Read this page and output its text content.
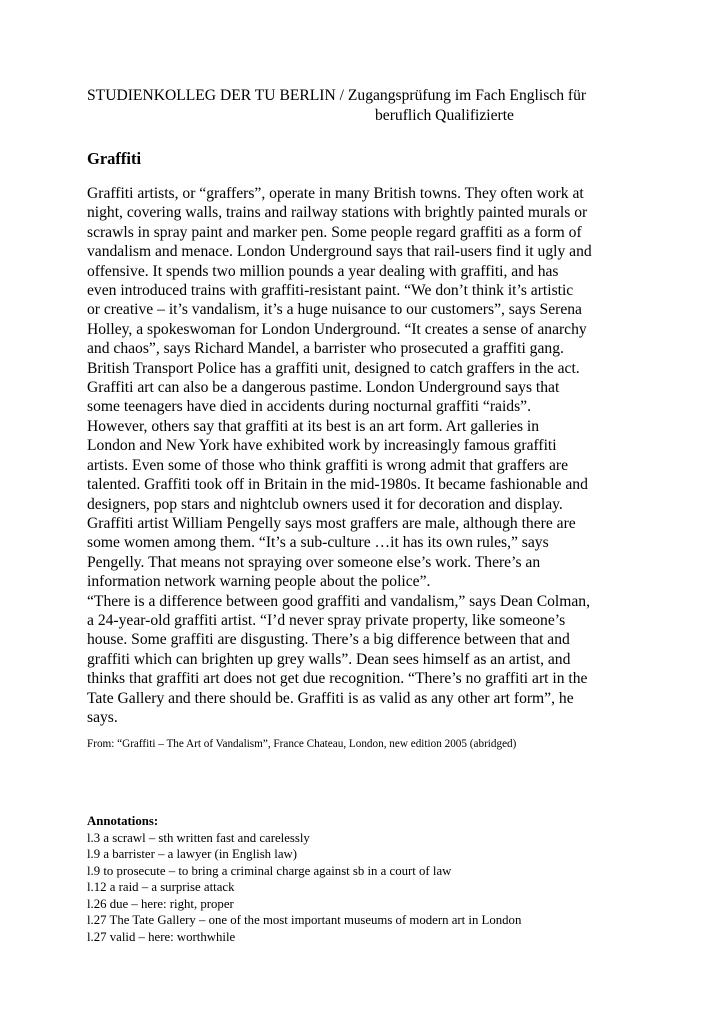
STUDIENKOLLEG DER TU BERLIN / Zugangsprüfung im Fach Englisch für
beruflich Qualifizierte
Graffiti
Graffiti artists, or “graffers”, operate in many British towns. They often work at
night, covering walls, trains and railway stations with brightly painted murals or
scrawls in spray paint and marker pen. Some people regard graffiti as a form of
vandalism and menace. London Underground says that rail-users find it ugly and
offensive. It spends two million pounds a year dealing with graffiti, and has
even introduced trains with graffiti-resistant paint. “We don’t think it’s artistic
or creative – it’s vandalism, it’s a huge nuisance to our customers”, says Serena
Holley, a spokeswoman for London Underground. “It creates a sense of anarchy
and chaos”, says Richard Mandel, a barrister who prosecuted a graffiti gang.
British Transport Police has a graffiti unit, designed to catch graffers in the act.
Graffiti art can also be a dangerous pastime. London Underground says that
some teenagers have died in accidents during nocturnal graffiti “raids”.
However, others say that graffiti at its best is an art form. Art galleries in
London and New York have exhibited work by increasingly famous graffiti
artists. Even some of those who think graffiti is wrong admit that graffers are
talented. Graffiti took off in Britain in the mid-1980s. It became fashionable and
designers, pop stars and nightclub owners used it for decoration and display.
Graffiti artist William Pengelly says most graffers are male, although there are
some women among them. “It’s a sub-culture …it has its own rules,” says
Pengelly. That means not spraying over someone else’s work. There’s an
information network warning people about the police”.
“There is a difference between good graffiti and vandalism,” says Dean Colman,
a 24-year-old graffiti artist. “I’d never spray private property, like someone’s
house. Some graffiti are disgusting. There’s a big difference between that and
graffiti which can brighten up grey walls”. Dean sees himself as an artist, and
thinks that graffiti art does not get due recognition. “There’s no graffiti art in the
Tate Gallery and there should be. Graffiti is as valid as any other art form”, he
says.
From: “Graffiti – The Art of Vandalism”, France Chateau, London, new edition 2005 (abridged)
Annotations:
l.3 a scrawl – sth written fast and carelessly
l.9 a barrister – a lawyer (in English law)
l.9 to prosecute – to bring a criminal charge against sb in a court of law
l.12 a raid – a surprise attack
l.26 due – here: right, proper
l.27 The Tate Gallery – one of the most important museums of modern art in London
l.27 valid – here: worthwhile
